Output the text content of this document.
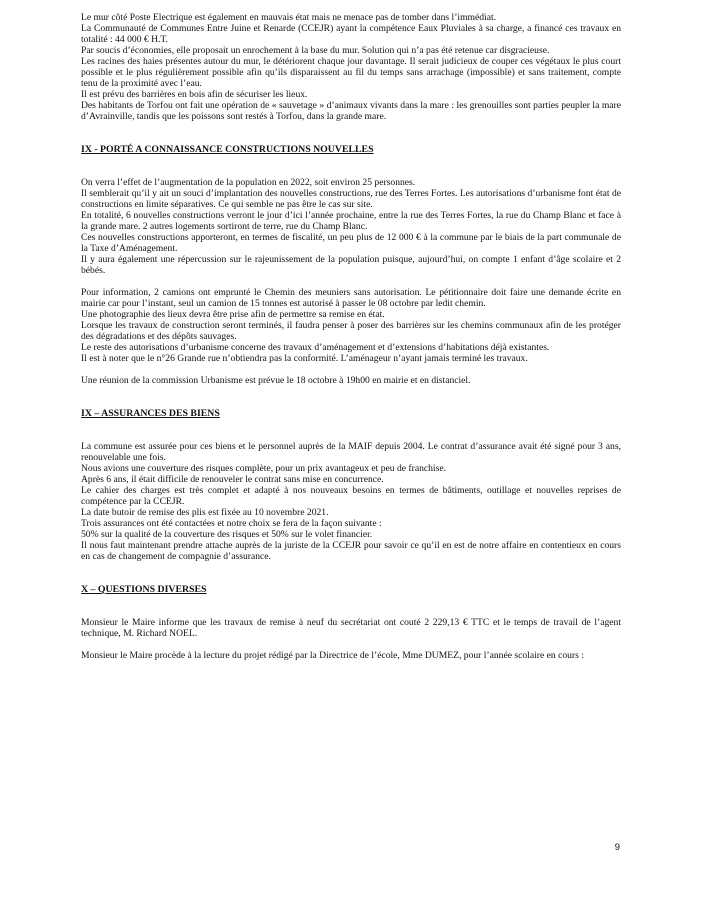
Le mur côté Poste Electrique est également en mauvais état mais ne menace pas de tomber dans l’immédiat.

La Communauté de Communes Entre Juine et Renarde (CCEJR) ayant la compétence Eaux Pluviales à sa charge, a financé ces travaux en totalité : 44 000 € H.T.

Par soucis d’économies, elle proposait un enrochement à la base du mur. Solution qui n’a pas été retenue car disgracieuse.

Les racines des haies présentes autour du mur, le détériorent chaque jour davantage. Il serait judicieux de couper ces végétaux le plus court possible et le plus régulièrement possible afin qu’ils disparaissent au fil du temps sans arrachage (impossible) et sans traitement, compte tenu de la proximité avec l’eau.

Il est prévu des barrières en bois afin de sécuriser les lieux.

Des habitants de Torfou ont fait une opération de « sauvetage » d’animaux vivants dans la mare : les grenouilles sont parties peupler la mare d’Avrainville, tandis que les poissons sont restés à Torfou, dans la grande mare.

IX - PORTÉ A CONNAISSANCE CONSTRUCTIONS NOUVELLES

On verra l’effet de l’augmentation de la population en 2022, soit environ 25 personnes.

Il semblerait qu’il y ait un souci d’implantation des nouvelles constructions, rue des Terres Fortes. Les autorisations d’urbanisme font état de constructions en limite séparatives. Ce qui semble ne pas être le cas sur site.

En totalité, 6 nouvelles constructions verront le jour d’ici l’année prochaine, entre la rue des Terres Fortes, la rue du Champ Blanc et face à la grande mare. 2 autres logements sortiront de terre, rue du Champ Blanc.

Ces nouvelles constructions apporteront, en termes de fiscalité, un peu plus de 12 000 € à la commune par le biais de la part communale de la Taxe d’Aménagement.

Il y aura également une répercussion sur le rajeunissement de la population puisque, aujourd’hui, on compte 1 enfant d’âge scolaire et 2 bébés.

Pour information, 2 camions ont emprunté le Chemin des meuniers sans autorisation. Le pétitionnaire doit faire une demande écrite en mairie car pour l’instant, seul un camion de 15 tonnes est autorisé à passer le 08 octobre par ledit chemin.

Une photographie des lieux devra être prise afin de permettre sa remise en état.

Lorsque les travaux de construction seront terminés, il faudra penser à poser des barrières sur les chemins communaux afin de les protéger des dégradations et des dépôts sauvages.

Le reste des autorisations d’urbanisme concerne des travaux d’aménagement et d’extensions d’habitations déjà existantes.

Il est à noter que le n°26 Grande rue n’obtiendra pas la conformité. L’aménageur n’ayant jamais terminé les travaux.

Une réunion de la commission Urbanisme est prévue le 18 octobre à 19h00 en mairie et en distanciel.

IX – ASSURANCES DES BIENS

La commune est assurée pour ces biens et le personnel auprès de la MAIF depuis 2004. Le contrat d’assurance avait été signé pour 3 ans, renouvelable une fois.

Nous avions une couverture des risques complète, pour un prix avantageux et peu de franchise.

Après 6 ans, il était difficile de renouveler le contrat sans mise en concurrence.

Le cahier des charges est très complet et adapté à nos nouveaux besoins en termes de bâtiments, outillage et nouvelles reprises de compétence par la CCEJR.

La date butoir de remise des plis est fixée au 10 novembre 2021.

Trois assurances ont été contactées et notre choix se fera de la façon suivante :

50% sur la qualité de la couverture des risques et 50% sur le volet financier.

Il nous faut maintenant prendre attache auprès de la juriste de la CCEJR pour savoir ce qu’il en est de notre affaire en contentieux en cours en cas de changement de compagnie d’assurance.

X – QUESTIONS DIVERSES

Monsieur le Maire informe que les travaux de remise à neuf du secrétariat ont couté 2 229,13 € TTC et le temps de travail de l’agent technique, M. Richard NOEL.

Monsieur le Maire procède à la lecture du projet rédigé par la Directrice de l’école, Mme DUMEZ, pour l’année scolaire en cours :

9
